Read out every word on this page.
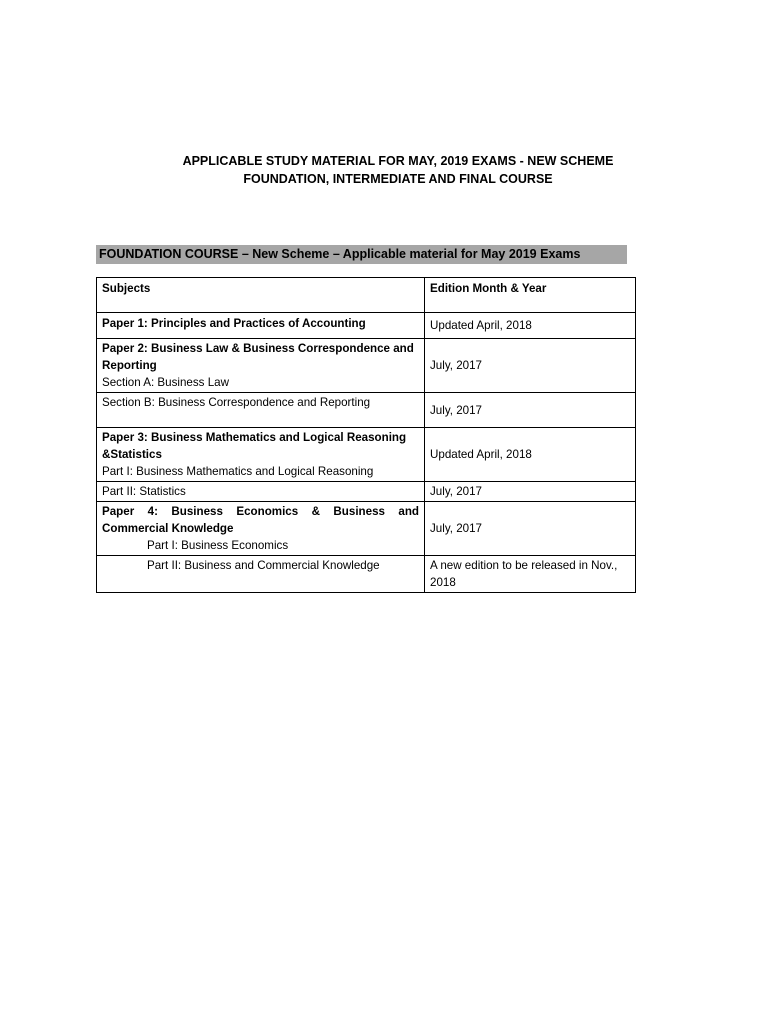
APPLICABLE STUDY MATERIAL FOR MAY, 2019 EXAMS - NEW SCHEME
FOUNDATION, INTERMEDIATE AND FINAL COURSE
FOUNDATION COURSE – New Scheme – Applicable material for May 2019 Exams
Subjects	Edition Month & Year
Paper 1: Principles and Practices of Accounting	Updated April, 2018

Paper 2: Business Law & Business Correspondence and Reporting
Section A: Business Law	July, 2017
Section B: Business Correspondence and Reporting	July, 2017

Paper 3: Business Mathematics and Logical Reasoning &Statistics
Part I: Business Mathematics and Logical Reasoning	Updated April, 2018
Part II: Statistics	July, 2017

Paper 4: Business Economics & Business and Commercial Knowledge
Part I: Business Economics	July, 2017

Part II: Business and Commercial Knowledge	A new edition to be released in Nov., 2018
